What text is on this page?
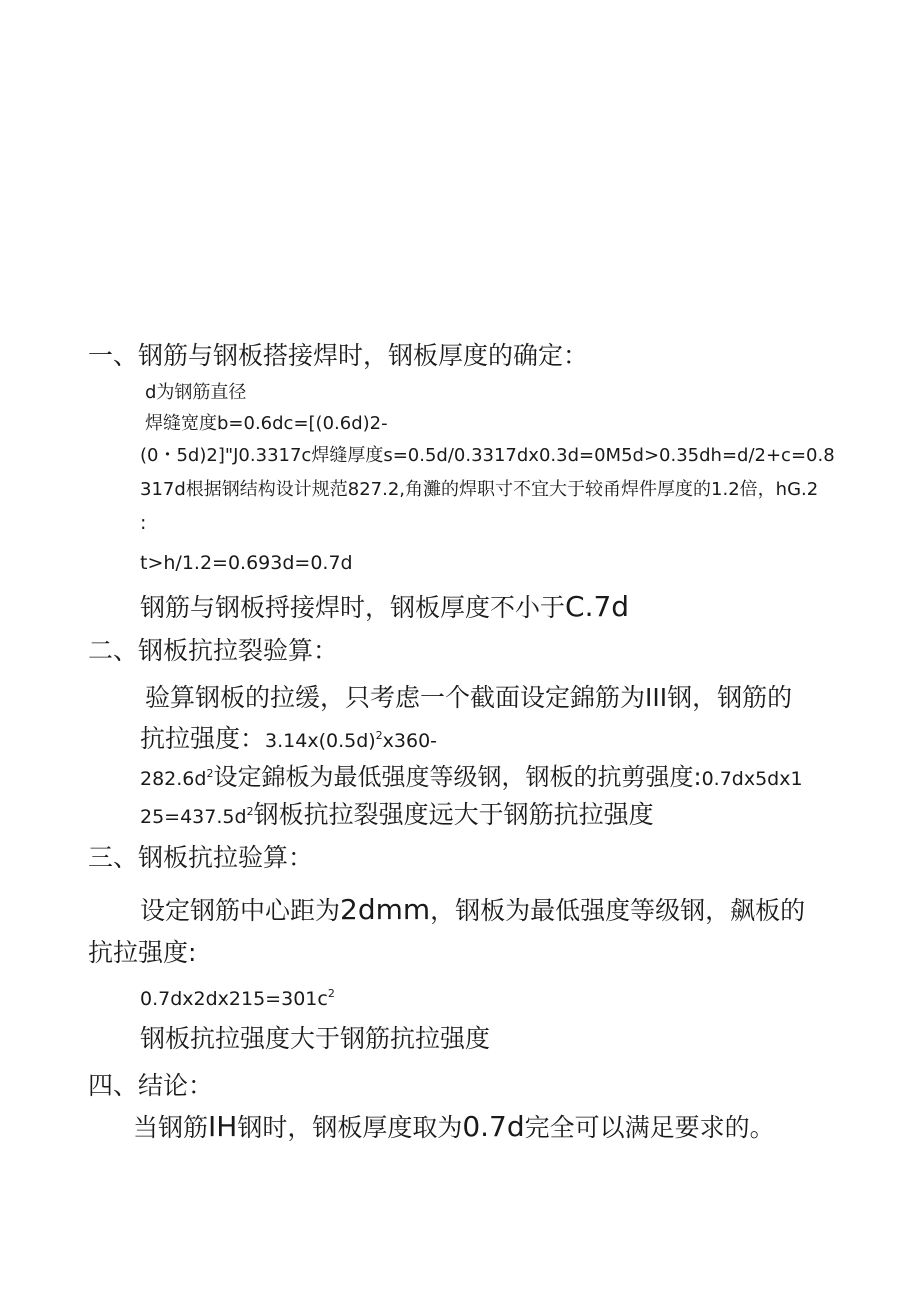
一、钢筋与钢板搭接焊时，钢板厚度的确定：
d为钢筋直径
焊缝宽度b=0.6dc=[(0.6d)2-
(0・5d)2]"J0.3317c焊缝厚度s=0.5d/0.3317dx0.3d=0M5d>0.35dh=d/2+c=0.8
317d根据钢结构设计规范827.2,角灘的焊职寸不宜大于较甬焊件厚度的1.2倍，hG.2
:
t>h/1.2=0.693d=0.7d
钢筋与钢板捋接焊时，钢板厚度不小于C.7d
二、钢板抗拉裂验算：
验算钢板的拉缓，只考虑一个截面设定錦筋为III钢，钢筋的
抗拉强度：$3.14x(0.5d)^2x360-$
$282.6d^2$设定錦板为最低强度等级钢，钢板的抗剪强度:0.7dx5dx1
$25=437.5d^2$钢板抗拉裂强度远大于钢筋抗拉强度
三、钢板抗拉验算：
设定钢筋中心距为2dmm，钢板为最低强度等级钢，飙板的
抗拉强度:
$0.7dx2dx215=301c^2$
钢板抗拉强度大于钢筋抗拉强度
四、结论：
当钢筋IH钢时，钢板厚度取为0.7d完全可以满足要求的。
